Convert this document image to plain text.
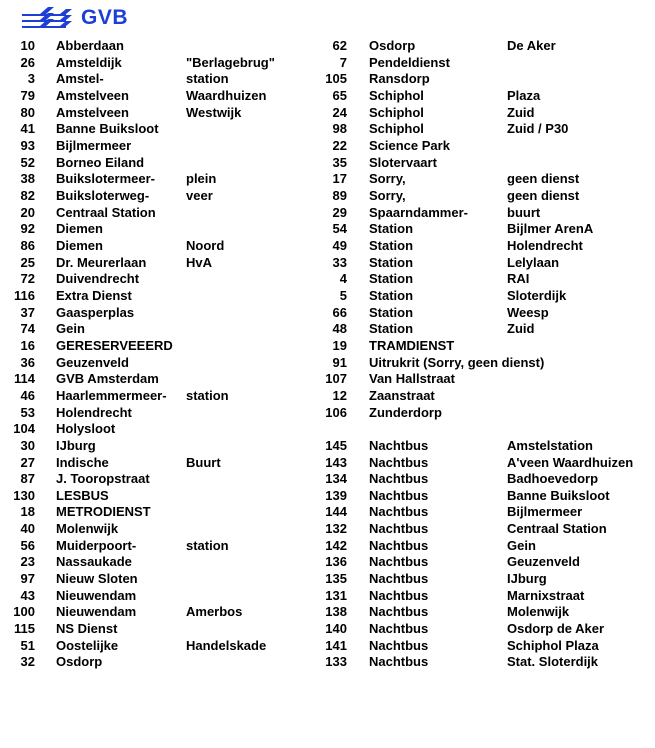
GVB
10 Abberdaan	62 Osdorp	De Aker
26 Amsteldijk	"Berlagebrug"	7 Pendeldienst
3 Amstel-	station	105 Ransdorp
79 Amstelveen	Waardhuizen	65 Schiphol	Plaza
80 Amstelveen	Westwijk	24 Schiphol	Zuid
41 Banne Buiksloot	98 Schiphol	Zuid / P30
93 Bijlmermeer	22 Science Park
52 Borneo Eiland	35 Slotervaart
38 Buikslotermeer- plein	17 Sorry,	geen dienst
82 Buiksloterweg-	veer	89 Sorry,	geen dienst
20 Centraal Station	29 Spaarndammer-	buurt
92 Diemen	54 Station	Bijlmer ArenA
86 Diemen	Noord	49 Station	Holendrecht
25 Dr. Meurerlaan	HvA	33 Station	Lelylaan
72 Duivendrecht	4 Station	RAI
116 Extra Dienst	5 Station	Sloterdijk
37 Gaasperplas	66 Station	Weesp
74 Gein	48 Station	Zuid
16 GERESERVEEERD	19 TRAMDIENST
36 Geuzenveld	91 Uitrukrit (Sorry, geen dienst)
114 GVB Amsterdam	107 Van Hallstraat
46 Haarlemmermeer- station	12 Zaanstraat
53 Holendrecht	106 Zunderdorp
104 Holysloot
30 IJburg	145 Nachtbus	Amstelstation
27 Indische	Buurt	143 Nachtbus	A'veen Waardhuizen
87 J. Tooropstraat	134 Nachtbus	Badhoevedorp
130 LESBUS	139 Nachtbus	Banne Buiksloot
18 METRODIENST	144 Nachtbus	Bijlmermeer
40 Molenwijk	132 Nachtbus	Centraal Station
56 Muiderpoort-	station	142 Nachtbus	Gein
23 Nassaukade	136 Nachtbus	Geuzenveld
97 Nieuw Sloten	135 Nachtbus	IJburg
43 Nieuwendam	131 Nachtbus	Marnixstraat
100 Nieuwendam	Amerbos	138 Nachtbus	Molenwijk
115 NS Dienst	140 Nachtbus	Osdorp de Aker
51 Oostelijke	Handelskade	141 Nachtbus	Schiphol Plaza
32 Osdorp	133 Nachtbus	Stat. Sloterdijk
